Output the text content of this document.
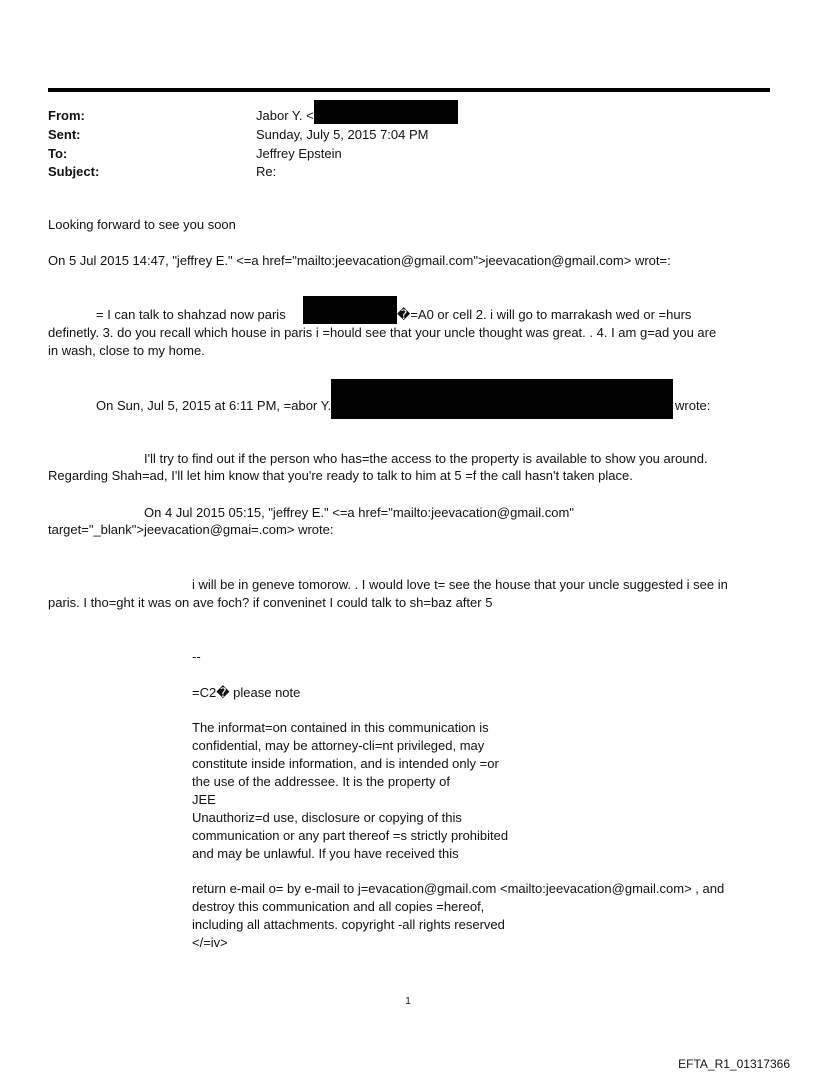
From:	Jabor Y. <
Sent:	Sunday, July 5, 2015 7:04 PM
To:	Jeffrey Epstein
Subject:	Re:
Looking forward to see you soon
On 5 Jul 2015 14:47, "jeffrey E." <=a href="mailto:jeevacation@gmail.com">jeevacation@gmail.com> wrot=:
= I can talk to shahzad now paris	�=A0 or cell 2. i will go to marrakash wed or =hurs
definetly. 3. do you recall which house in paris i =hould see that your uncle thought was great. . 4. I am g=ad you are
in wash, close to my home.
On Sun, Jul 5, 2015 at 6:11 PM, =abor Y.	wrote:
I'll try to find out if the person who has=the access to the property is available to show you around.
Regarding Shah=ad, I'll let him know that you're ready to talk to him at 5 =f the call hasn't taken place.
On 4 Jul 2015 05:15, "jeffrey E." <=a href="mailto:jeevacation@gmail.com"
target="_blank">jeevacation@gmai=.com> wrote:
i will be in geneve tomorow. . I would love t= see the house that your uncle suggested i see in
paris. I tho=ght it was on ave foch? if conveninet I could talk to sh=baz after 5
--
=C2� please note
The informat=on contained in this communication is
confidential, may be attorney-cli=nt privileged, may
constitute inside information, and is intended only =or
the use of the addressee. It is the property of
JEE
Unauthoriz=d use, disclosure or copying of this
communication or any part thereof =s strictly prohibited
and may be unlawful. If you have received this
return e-mail o= by e-mail to j=evacation@gmail.com <mailto:jeevacation@gmail.com> , and
destroy this communication and all copies =hereof,
including all attachments. copyright -all rights reserved
</=iv>
1
EFTA_R1_01317366
